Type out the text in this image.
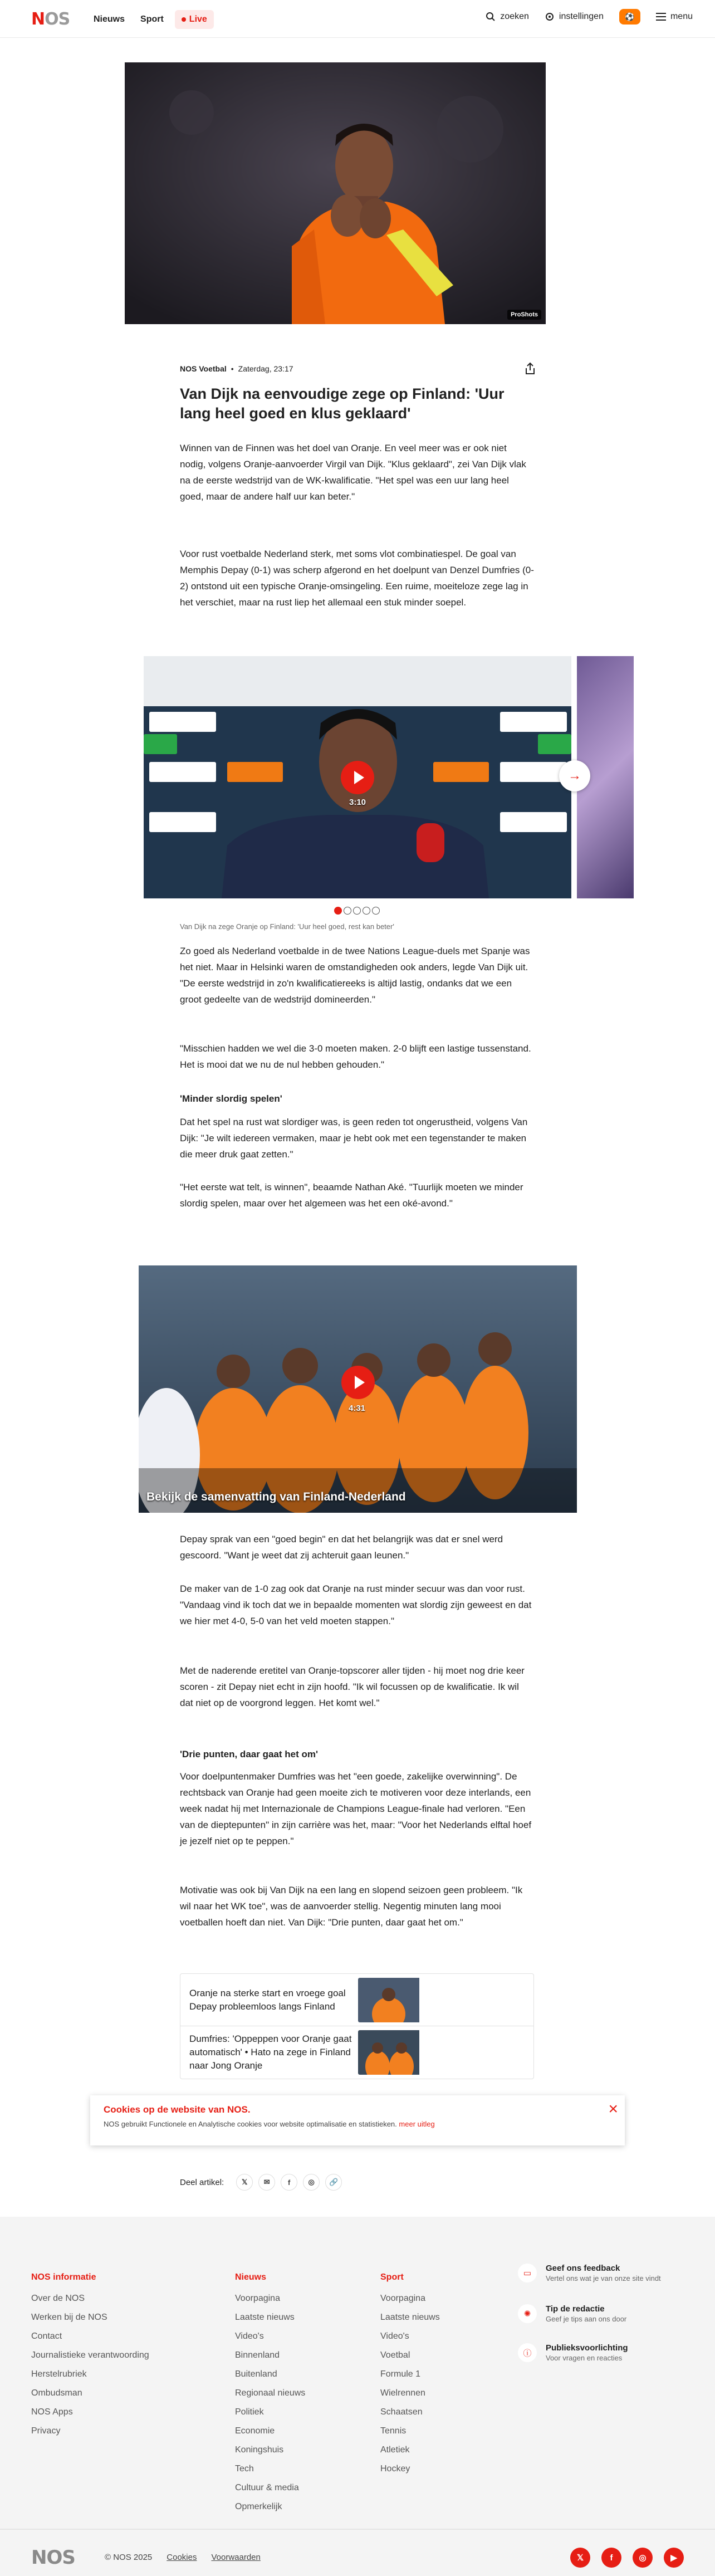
NOS	Nieuws	Sport	Live	zoeken	instellingen	⚽	menu
ProShots
NOS Voetbal • Zaterdag, 23:17
Van Dijk na eenvoudige zege op Finland: 'Uur lang heel goed en klus geklaard'

Winnen van de Finnen was het doel van Oranje. En veel meer was er ook niet nodig, volgens Oranje-aanvoerder Virgil van Dijk. "Klus geklaard", zei Van Dijk vlak na de eerste wedstrijd van de WK-kwalificatie. "Het spel was een uur lang heel goed, maar de andere half uur kan beter."

Voor rust voetbalde Nederland sterk, met soms vlot combinatiespel. De goal van Memphis Depay (0-1) was scherp afgerond en het doelpunt van Denzel Dumfries (0-2) ontstond uit een typische Oranje-omsingeling. Een ruime, moeiteloze zege lag in het verschiet, maar na rust liep het allemaal een stuk minder soepel.

3:10
→

Van Dijk na zege Oranje op Finland: 'Uur heel goed, rest kan beter'

Zo goed als Nederland voetbalde in de twee Nations League-duels met Spanje was het niet. Maar in Helsinki waren de omstandigheden ook anders, legde Van Dijk uit. "De eerste wedstrijd in zo'n kwalificatiereeks is altijd lastig, ondanks dat we een groot gedeelte van de wedstrijd domineerden."

"Misschien hadden we wel die 3-0 moeten maken. 2-0 blijft een lastige tussenstand. Het is mooi dat we nu de nul hebben gehouden."

'Minder slordig spelen'

Dat het spel na rust wat slordiger was, is geen reden tot ongerustheid, volgens Van Dijk: "Je wilt iedereen vermaken, maar je hebt ook met een tegenstander te maken die meer druk gaat zetten."

"Het eerste wat telt, is winnen", beaamde Nathan Aké. "Tuurlijk moeten we minder slordig spelen, maar over het algemeen was het een oké-avond."

4:31
Bekijk de samenvatting van Finland-Nederland

Depay sprak van een "goed begin" en dat het belangrijk was dat er snel werd gescoord. "Want je weet dat zij achteruit gaan leunen."

De maker van de 1-0 zag ook dat Oranje na rust minder secuur was dan voor rust. "Vandaag vind ik toch dat we in bepaalde momenten wat slordig zijn geweest en dat we hier met 4-0, 5-0 van het veld moeten stappen."

Met de naderende eretitel van Oranje-topscorer aller tijden - hij moet nog drie keer scoren - zit Depay niet echt in zijn hoofd. "Ik wil focussen op de kwalificatie. Ik wil dat niet op de voorgrond leggen. Het komt wel."

'Drie punten, daar gaat het om'

Voor doelpuntenmaker Dumfries was het "een goede, zakelijke overwinning". De rechtsback van Oranje had geen moeite zich te motiveren voor deze interlands, een week nadat hij met Internazionale de Champions League-finale had verloren. "Een van de dieptepunten" in zijn carrière was het, maar: "Voor het Nederlands elftal hoef je jezelf niet op te peppen."

Motivatie was ook bij Van Dijk na een lang en slopend seizoen geen probleem. "Ik wil naar het WK toe", was de aanvoerder stellig. Negentig minuten lang mooi voetballen hoeft dan niet. Van Dijk: "Drie punten, daar gaat het om."

Oranje na sterke start en vroege goal Depay probleemloos langs Finland
Dumfries: 'Oppeppen voor Oranje gaat automatisch' • Hato na zege in Finland naar Jong Oranje
Cookies op de website van NOS.

NOS gebruikt Functionele en Analytische cookies voor website optimalisatie en statistieken. meer uitleg

×
Deel artikel:	𝕏	✉	f	◎	🔗
NOS informatie
Over de NOS
Werken bij de NOS
Contact
Journalistieke verantwoording
Herstelrubriek
Ombudsman
NOS Apps
Privacy
Nieuws
Voorpagina
Laatste nieuws
Video's
Binnenland
Buitenland
Regionaal nieuws
Politiek
Economie
Koningshuis
Tech
Cultuur & media
Opmerkelijk
Sport
Voorpagina
Laatste nieuws
Video's
Voetbal
Formule 1
Wielrennen
Schaatsen
Tennis
Atletiek
Hockey
▭
Geef ons feedback
Vertel ons wat je van onze site vindt
✺
Tip de redactie
Geef je tips aan ons door
ⓘ
Publieksvoorlichting
Voor vragen en reacties
NOS	© NOS 2025 Cookies Voorwaarden	𝕏	f	◎	▶
